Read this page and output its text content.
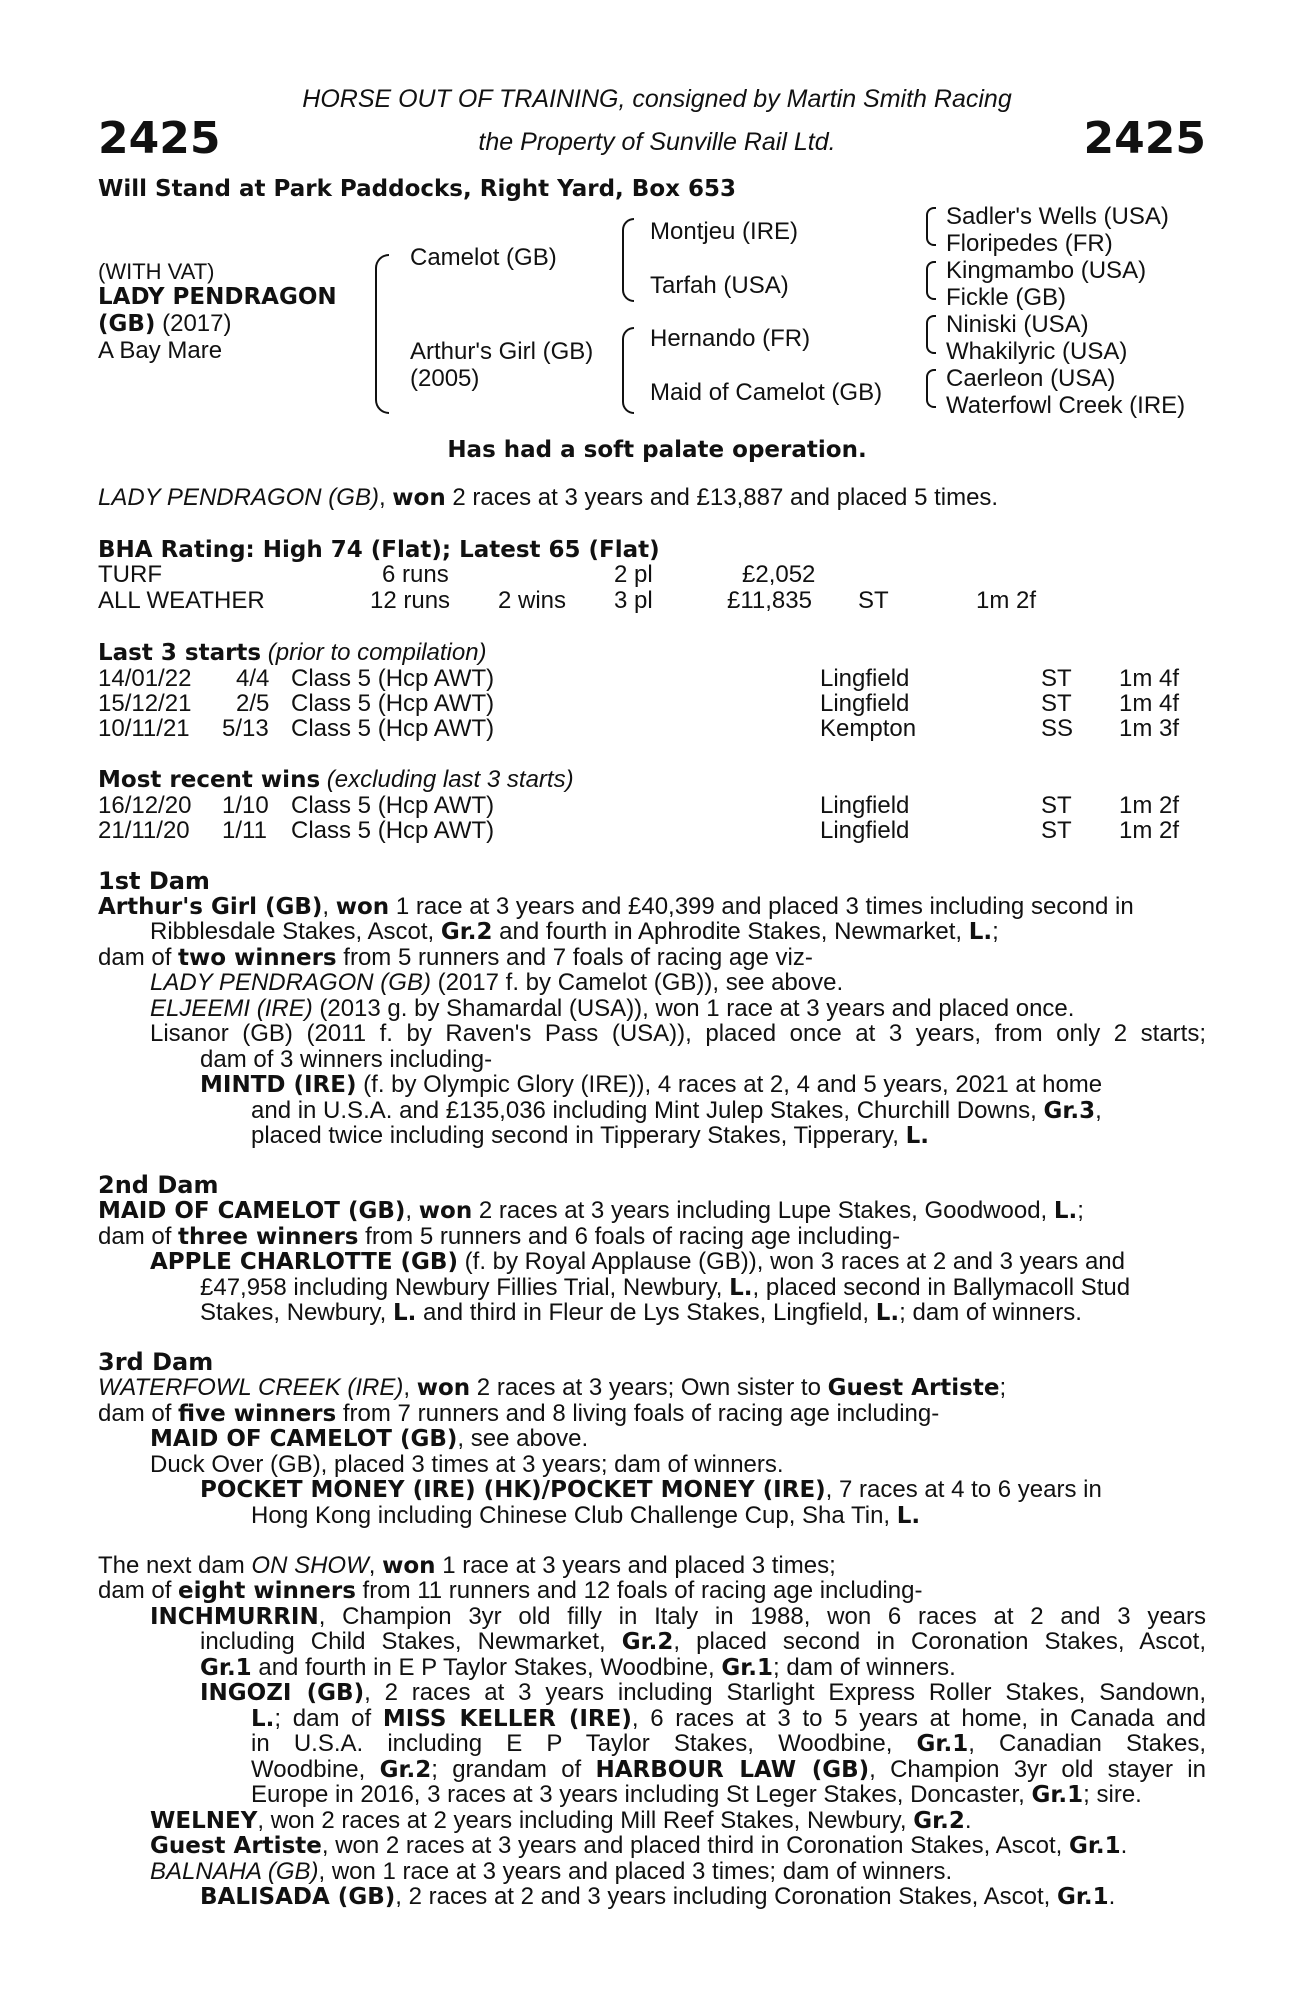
HORSE OUT OF TRAINING, consigned by Martin Smith Racing
2425	the Property of Sunville Rail Ltd.	2425
Will Stand at Park Paddocks, Right Yard, Box 653
(WITH VAT)
LADY PENDRAGON
(GB) (2017)
A Bay Mare
Camelot (GB)
Arthur's Girl (GB)
(2005)
Montjeu (IRE)
Tarfah (USA)
Hernando (FR)
Maid of Camelot (GB)
Sadler's Wells (USA)
Floripedes (FR)
Kingmambo (USA)
Fickle (GB)
Niniski (USA)
Whakilyric (USA)
Caerleon (USA)
Waterfowl Creek (IRE)
Has had a soft palate operation.
LADY PENDRAGON (GB), won 2 races at 3 years and £13,887 and placed 5 times.
BHA Rating: High 74 (Flat); Latest 65 (Flat)
TURF	6 runs	2 pl	£2,052
ALL WEATHER	12 runs 2 wins 3 pl	£11,835 ST	1m 2f
Last 3 starts (prior to compilation)
14/01/22 4/4 Class 5 (Hcp AWT)	Lingfield	ST 1m 4f
15/12/21 2/5 Class 5 (Hcp AWT)	Lingfield	ST 1m 4f
10/11/21 5/13 Class 5 (Hcp AWT)	Kempton	SS 1m 3f
Most recent wins (excluding last 3 starts)
16/12/20 1/10 Class 5 (Hcp AWT)	Lingfield	ST 1m 2f
21/11/20 1/11 Class 5 (Hcp AWT)	Lingfield	ST 1m 2f
1st Dam
Arthur's Girl (GB), won 1 race at 3 years and £40,399 and placed 3 times including second in
Ribblesdale Stakes, Ascot, Gr.2 and fourth in Aphrodite Stakes, Newmarket, L.;
dam of two winners from 5 runners and 7 foals of racing age viz-
LADY PENDRAGON (GB) (2017 f. by Camelot (GB)), see above.
ELJEEMI (IRE) (2013 g. by Shamardal (USA)), won 1 race at 3 years and placed once.
Lisanor (GB) (2011 f. by Raven's Pass (USA)), placed once at 3 years, from only 2 starts;
dam of 3 winners including-
MINTD (IRE) (f. by Olympic Glory (IRE)), 4 races at 2, 4 and 5 years, 2021 at home
and in U.S.A. and £135,036 including Mint Julep Stakes, Churchill Downs, Gr.3,
placed twice including second in Tipperary Stakes, Tipperary, L.
2nd Dam
MAID OF CAMELOT (GB), won 2 races at 3 years including Lupe Stakes, Goodwood, L.;
dam of three winners from 5 runners and 6 foals of racing age including-
APPLE CHARLOTTE (GB) (f. by Royal Applause (GB)), won 3 races at 2 and 3 years and
£47,958 including Newbury Fillies Trial, Newbury, L., placed second in Ballymacoll Stud
Stakes, Newbury, L. and third in Fleur de Lys Stakes, Lingfield, L.; dam of winners.
3rd Dam
WATERFOWL CREEK (IRE), won 2 races at 3 years; Own sister to Guest Artiste;
dam of five winners from 7 runners and 8 living foals of racing age including-
MAID OF CAMELOT (GB), see above.
Duck Over (GB), placed 3 times at 3 years; dam of winners.
POCKET MONEY (IRE) (HK)/POCKET MONEY (IRE), 7 races at 4 to 6 years in
Hong Kong including Chinese Club Challenge Cup, Sha Tin, L.
The next dam ON SHOW, won 1 race at 3 years and placed 3 times;
dam of eight winners from 11 runners and 12 foals of racing age including-
INCHMURRIN, Champion 3yr old filly in Italy in 1988, won 6 races at 2 and 3 years
including Child Stakes, Newmarket, Gr.2, placed second in Coronation Stakes, Ascot,
Gr.1 and fourth in E P Taylor Stakes, Woodbine, Gr.1; dam of winners.
INGOZI (GB), 2 races at 3 years including Starlight Express Roller Stakes, Sandown,
L.; dam of MISS KELLER (IRE), 6 races at 3 to 5 years at home, in Canada and
in U.S.A. including E P Taylor Stakes, Woodbine, Gr.1, Canadian Stakes,
Woodbine, Gr.2; grandam of HARBOUR LAW (GB), Champion 3yr old stayer in
Europe in 2016, 3 races at 3 years including St Leger Stakes, Doncaster, Gr.1; sire.
WELNEY, won 2 races at 2 years including Mill Reef Stakes, Newbury, Gr.2.
Guest Artiste, won 2 races at 3 years and placed third in Coronation Stakes, Ascot, Gr.1.
BALNAHA (GB), won 1 race at 3 years and placed 3 times; dam of winners.
BALISADA (GB), 2 races at 2 and 3 years including Coronation Stakes, Ascot, Gr.1.
